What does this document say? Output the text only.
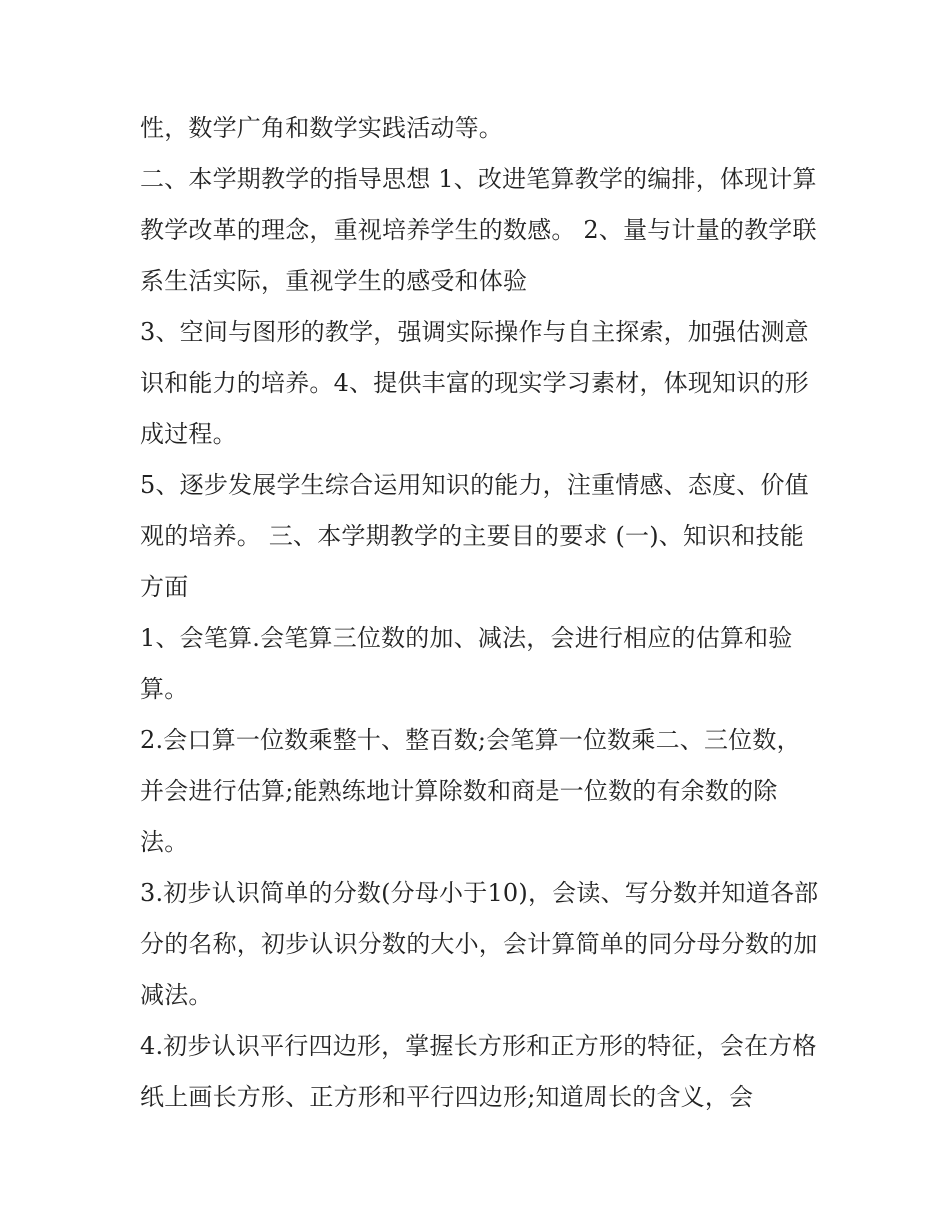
性，数学广角和数学实践活动等。

二、本学期教学的指导思想 1、改进笔算教学的编排，体现计算教学改革的理念，重视培养学生的数感。 2、量与计量的教学联系生活实际，重视学生的感受和体验

3、空间与图形的教学，强调实际操作与自主探索，加强估测意识和能力的培养。4、提供丰富的现实学习素材，体现知识的形成过程。

5、逐步发展学生综合运用知识的能力，注重情感、态度、价值观的培养。 三、本学期教学的主要目的要求 (一)、知识和技能方面

1、会笔算.会笔算三位数的加、减法，会进行相应的估算和验算。

2.会口算一位数乘整十、整百数;会笔算一位数乘二、三位数，并会进行估算;能熟练地计算除数和商是一位数的有余数的除法。

3.初步认识简单的分数(分母小于10)，会读、写分数并知道各部分的名称，初步认识分数的大小，会计算简单的同分母分数的加减法。

4.初步认识平行四边形，掌握长方形和正方形的特征，会在方格纸上画长方形、正方形和平行四边形;知道周长的含义，会
